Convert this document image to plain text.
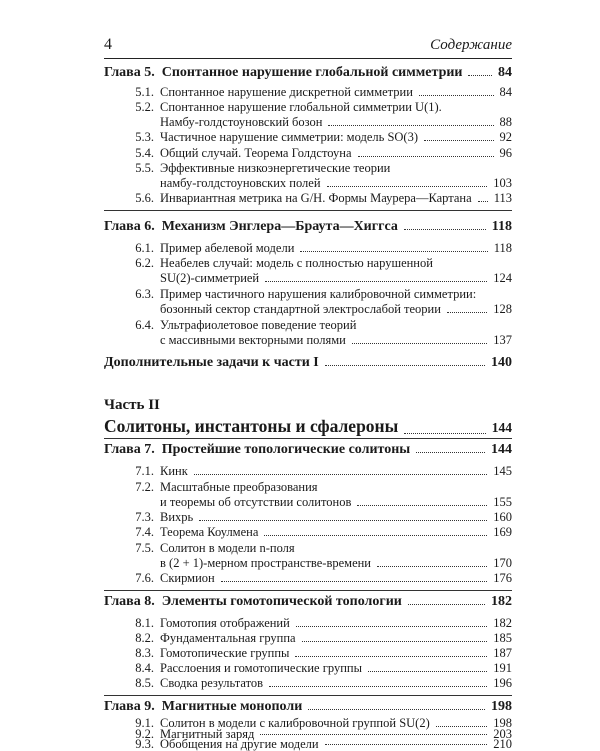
4	Содержание
Глава 5.
Спонтанное нарушение глобальной симметрии	84
5.1. Спонтанное нарушение дискретной симметрии	84
5.2. Спонтанное нарушение глобальной симметрии U(1).
Намбу-голдстоуновский бозон	88
5.3. Частичное нарушение симметрии: модель SO(3)	92
5.4. Общий случай. Теорема Голдстоуна	96
5.5. Эффективные низкоэнергетические теории
намбу-голдстоуновских полей	103
5.6. Инвариантная метрика на G/H. Формы Маурера—Картана 113
Глава 6.
Механизм Энглера—Браута—Хиггса	118
6.1. Пример абелевой модели	118
6.2. Неабелев случай: модель с полностью нарушенной
SU(2)-симметрией	124
6.3. Пример частичного нарушения калибровочной симметрии:
бозонный сектор стандартной электрослабой теории	128
6.4. Ультрафиолетовое поведение теорий
с массивными векторными полями	137
Дополнительные задачи к части I	140
Часть II
Солитоны, инстантоны и сфалероны	144
Глава 7.
Простейшие топологические солитоны	144
7.1. Кинк	145
7.2. Масштабные преобразования
и теоремы об отсутствии солитонов	155
7.3. Вихрь	160
7.4. Теорема Коулмена	169
7.5. Солитон в модели n-поля
в (2 + 1)-мерном пространстве-времени	170
7.6. Скирмион	176
Глава 8.
Элементы гомотопической топологии	182
8.1. Гомотопия отображений	182
8.2. Фундаментальная группа	185
8.3. Гомотопические группы	187
8.4. Расслоения и гомотопические группы	191
8.5. Сводка результатов	196
Глава 9.
Магнитные монополи	198
9.1. Солитон в модели с калибровочной группой SU(2)	198
9.2. Магнитный заряд	203
9.3. Обобщения на другие модели	210
